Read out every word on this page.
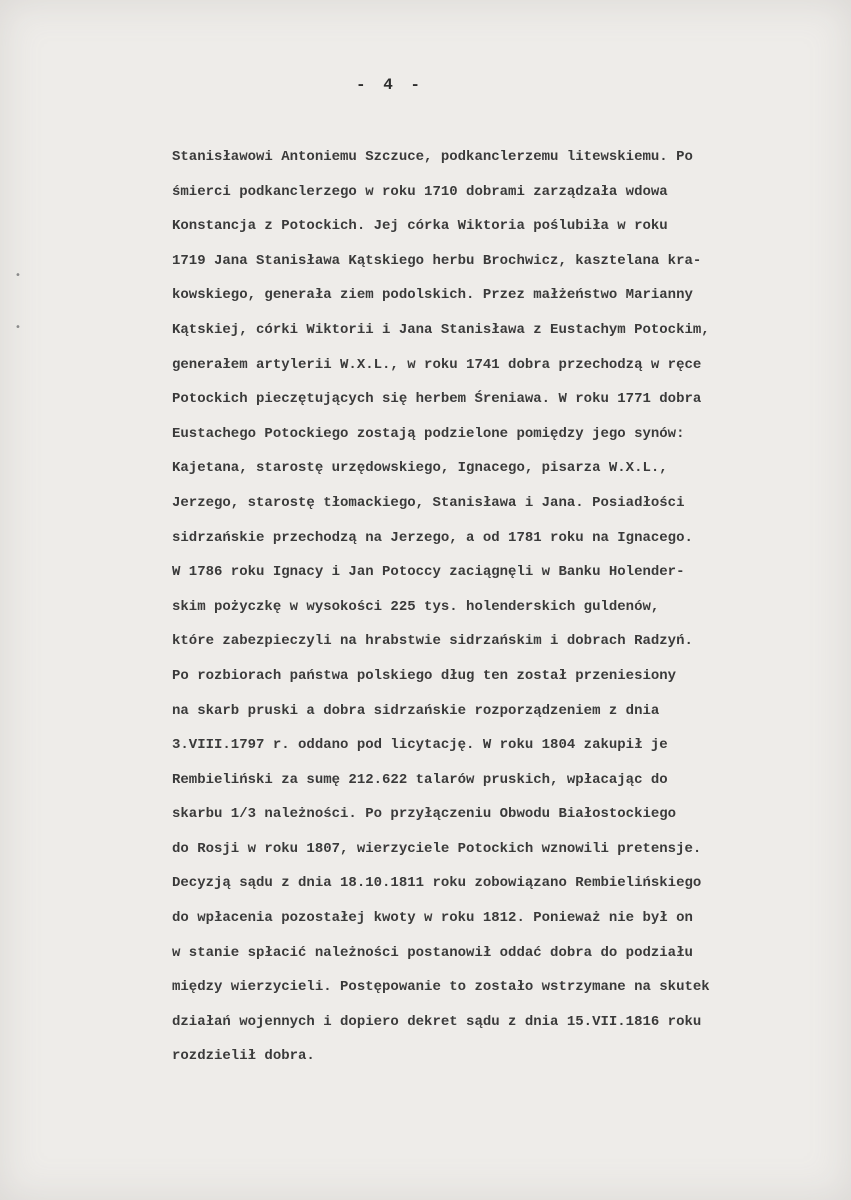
•
•
- 4 -
Stanisławowi Antoniemu Szczuce, podkanclerzemu litewskiemu. Po
śmierci podkanclerzego w roku 1710 dobrami zarządzała wdowa
Konstancja z Potockich. Jej córka Wiktoria poślubiła w roku
1719 Jana Stanisława Kątskiego herbu Brochwicz, kasztelana kra-
kowskiego, generała ziem podolskich. Przez małżeństwo Marianny
Kątskiej, córki Wiktorii i Jana Stanisława z Eustachym Potockim,
generałem artylerii W.X.L., w roku 1741 dobra przechodzą w ręce
Potockich pieczętujących się herbem Śreniawa. W roku 1771 dobra
Eustachego Potockiego zostają podzielone pomiędzy jego synów:
Kajetana, starostę urzędowskiego, Ignacego, pisarza W.X.L.,
Jerzego, starostę tłomackiego, Stanisława i Jana. Posiadłości
sidrzańskie przechodzą na Jerzego, a od 1781 roku na Ignacego.
W 1786 roku Ignacy i Jan Potoccy zaciągnęli w Banku Holender-
skim pożyczkę w wysokości 225 tys. holenderskich guldenów,
które zabezpieczyli na hrabstwie sidrzańskim i dobrach Radzyń.
Po rozbiorach państwa polskiego dług ten został przeniesiony
na skarb pruski a dobra sidrzańskie rozporządzeniem z dnia
3.VIII.1797 r. oddano pod licytację. W roku 1804 zakupił je
Rembieliński za sumę 212.622 talarów pruskich, wpłacając do
skarbu 1/3 należności. Po przyłączeniu Obwodu Białostockiego
do Rosji w roku 1807, wierzyciele Potockich wznowili pretensje.
Decyzją sądu z dnia 18.10.1811 roku zobowiązano Rembielińskiego
do wpłacenia pozostałej kwoty w roku 1812. Ponieważ nie był on
w stanie spłacić należności postanowił oddać dobra do podziału
między wierzycieli. Postępowanie to zostało wstrzymane na skutek
działań wojennych i dopiero dekret sądu z dnia 15.VII.1816 roku
rozdzielił dobra.
